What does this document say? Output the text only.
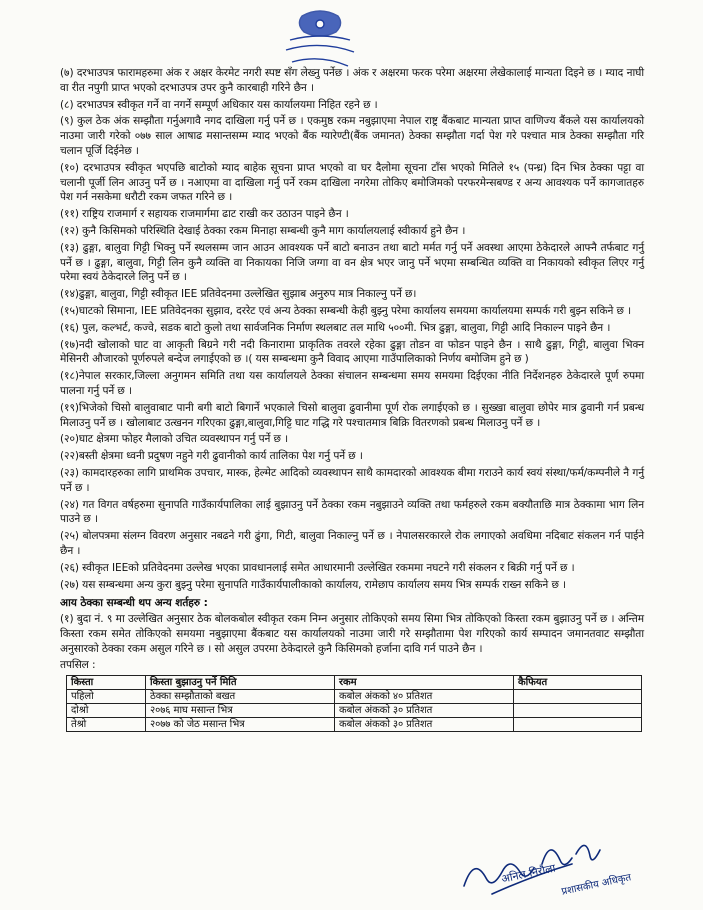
(७) दरभाउपत्र फारामहरुमा अंक र अक्षर केरमेट नगरी स्पष्ट सँग लेख्नु पर्नेछ । अंक र अक्षरमा फरक परेमा अक्षरमा लेखेकालाई मान्यता दिइने छ । म्याद नाघी वा रीत नपुगी प्राप्त भएको दरभाउपत्र उपर कुनै कारबाही गरिने छैन ।

(८) दरभाउपत्र स्वीकृत गर्ने वा नगर्ने सम्पूर्ण अधिकार यस कार्यालयमा निहित रहने छ ।

(९) कुल ठेक अंक सम्झौता गर्नुअगावै नगद दाखिला गर्नु पर्ने छ । एकमुष्ठ रकम नबुझाएमा नेपाल राष्ट्र बैंकबाट मान्यता प्राप्त वाणिज्य बैंकले यस कार्यालयको नाउमा जारी गरेको ०७७ साल आषाढ मसान्तसम्म म्याद भएको बैंक ग्यारेण्टी(बैंक जमानत) ठेक्का सम्झौता गर्दा पेश गरे पश्चात मात्र ठेक्का सम्झौता गरि चलान पूर्जि दिईनेछ ।

(१०) दरभाउपत्र स्वीकृत भएपछि बाटोको म्याद बाहेक सूचना प्राप्त भएको वा घर दैलोमा सूचना टाँस भएको मितिले १५ (पन्ध्र) दिन भित्र ठेक्का पट्टा वा चलानी पूर्जी लिन आउनु पर्ने छ । नआएमा वा दाखिला गर्नु पर्ने रकम दाखिला नगरेमा तोकिए बमोजिमको परफरमेन्सबण्ड र अन्य आवश्यक पर्ने कागजातहरु पेश गर्न नसकेमा धरौटी रकम जफत गरिने छ ।

(११) राष्ट्रिय राजमार्ग र सहायक राजमार्गमा ढाट राखी कर उठाउन पाइने छैन ।

(१२) कुनै किसिमको परिस्थिति देखाई ठेक्का रकम मिनाहा सम्बन्धी कुनै माग कार्यालयलाई स्वीकार्य हुने छैन ।

(१३) ढुङ्गा, बालुवा गिट्टी भिक्नु पर्ने स्थलसम्म जान आउन आवश्यक पर्ने बाटो बनाउन तथा बाटो मर्मत गर्नु पर्ने अवस्था आएमा ठेकेदारले आफ्नै तर्फबाट गर्नु पर्ने छ । ढुङ्गा, बालुवा, गिट्टी लिन कुनै व्यक्ति वा निकायका निजि जग्गा वा वन क्षेत्र भएर जानु पर्ने भएमा सम्बन्धित व्यक्ति वा निकायको स्वीकृत लिएर गर्नु परेमा स्वयं ठेकेदारले लिनु पर्ने छ ।

(१४)ढुङ्गा, बालुवा, गिट्टी स्वीकृत IEE प्रतिवेदनमा उल्लेखित सुझाब अनुरुप मात्र निकाल्नु पर्ने छ।

(१५)घाटको सिमाना, IEE प्रतिवेदनका सुझाव, दररेट एवं अन्य ठेक्का सम्बन्धी केही बुझ्नु परेमा कार्यालय समयमा कार्यालयमा सम्पर्क गरी बुझ्न सकिने छ ।

(१६) पुल, कल्भर्ट, कज्वे, सडक बाटो कुलो तथा सार्वजनिक निर्माण स्थलबाट तल माथि ५००मी. भित्र ढुङ्गा, बालुवा, गिट्टी आदि निकाल्न पाइने छैन ।

(१७)नदी खोलाको घाट वा आकृती बिग्रने गरी नदी किनारामा प्राकृतिक तवरले रहेका ढुङ्गा तोडन वा फोडन पाइने छैन । साथै ढुङ्गा, गिट्टी, बालुवा भिक्न मेसिनरी औजारको पूर्णरुपले बन्देज लगाईएको छ ।( यस सम्बन्धमा कुनै विवाद आएमा गाउँपालिकाको निर्णय बमोजिम हुने छ )

(१८)नेपाल सरकार,जिल्ला अनुगमन समिति तथा यस कार्यालयले ठेक्का संचालन सम्बन्धमा समय समयमा दिईएका नीति निर्देशनहरु ठेकेदारले पूर्ण रुपमा पालना गर्नु पर्ने छ ।

(१९)भिजेको चिसो बालुवाबाट पानी बगी बाटो बिगार्ने भएकाले चिसो बालुवा ढुवानीमा पूर्ण रोक लगाईएको छ । सुख्खा बालुवा छोपेर मात्र ढुवानी गर्न प्रबन्ध मिलाउनु पर्ने छ । खोलाबाट उत्खनन गरिएका ढुङ्गा,बालुवा,गिट्टि घाट गद्धि गरे पश्चातमात्र बिक्रि वितरणको प्रबन्ध मिलाउनु पर्ने छ ।

(२०)घाट क्षेत्रमा फोहर मैलाको उचित व्यवस्थापन गर्नु पर्ने छ ।

(२२)बस्ती क्षेत्रमा ध्वनी प्रदुषण नहुने गरी ढुवानीको कार्य तालिका पेश गर्नु पर्ने छ ।

(२३) कामदारहरुका लागि प्राथमिक उपचार, मास्क, हेल्मेट आदिको व्यवस्थापन साथै कामदारको आवश्यक बीमा गराउने कार्य स्वयं संस्था/फर्म/कम्पनीले नै गर्नु पर्ने छ ।

(२४) गत विगत वर्षहरुमा सुनापति गाउँकार्यपालिका लाई बुझाउनु पर्ने ठेक्का रकम नबुझाउने व्यक्ति तथा फर्महरुले रकम बक्यौताछि मात्र ठेक्कामा भाग लिन पाउने छ ।

(२५) बोलपत्रमा संलग्न विवरण अनुसार नबढने गरी ढुंगा, गिटी, बालुवा निकाल्नु पर्ने छ । नेपालसरकारले रोक लगाएको अवधिमा नदिबाट संकलन गर्न पाईने छैन ।

(२६) स्वीकृत IEEको प्रतिवेदनमा उल्लेख भएका प्रावधानलाई समेत आधारमानी उल्लेखित रकममा नघटने गरी संकलन र बिक्री गर्नु पर्ने छ ।

(२७) यस सम्बन्धमा अन्य कुरा बुझ्नु परेमा सुनापति गाउँकार्यपालीकाको कार्यालय, रामेछाप कार्यालय समय भित्र सम्पर्क राख्न सकिने छ ।

आय ठेक्का सम्बन्धी थप अन्य शर्तहरु :

(१) बुदा नं. ९ मा उल्लेखित अनुसार ठेक बोलकबोल स्वीकृत रकम निम्न अनुसार तोकिएको समय सिमा भित्र तोकिएको किस्ता रकम बुझाउनु पर्ने छ । अन्तिम किस्ता रकम समेत तोकिएको समयमा नबुझाएमा बैंकबाट यस कार्यालयको नाउमा जारी गरे सम्झौतामा पेश गरिएको कार्य सम्पादन जमानतवाट सम्झौता अनुसारको ठेक्का रकम असुल गरिने छ । सो असुल उपरमा ठेकेदारले कुनै किसिमको हर्जाना दावि गर्न पाउने छैन ।

तपसिल :

किस्ता	किस्ता बुझाउनु पर्ने मिति	रकम	कैफियत
पहिलो	ठेक्का सम्झौताको बखत	कबोल अंकको ४० प्रतिशत	
दोश्रो	२०७६ माघ मसान्त भित्र	कबोल अंकको ३० प्रतिशत	
तेश्रो	२०७७ को जेठ मसान्त भित्र	कबोल अंकको ३० प्रतिशत	
अनिल निरौला प्रशासकीय अधिकृत
